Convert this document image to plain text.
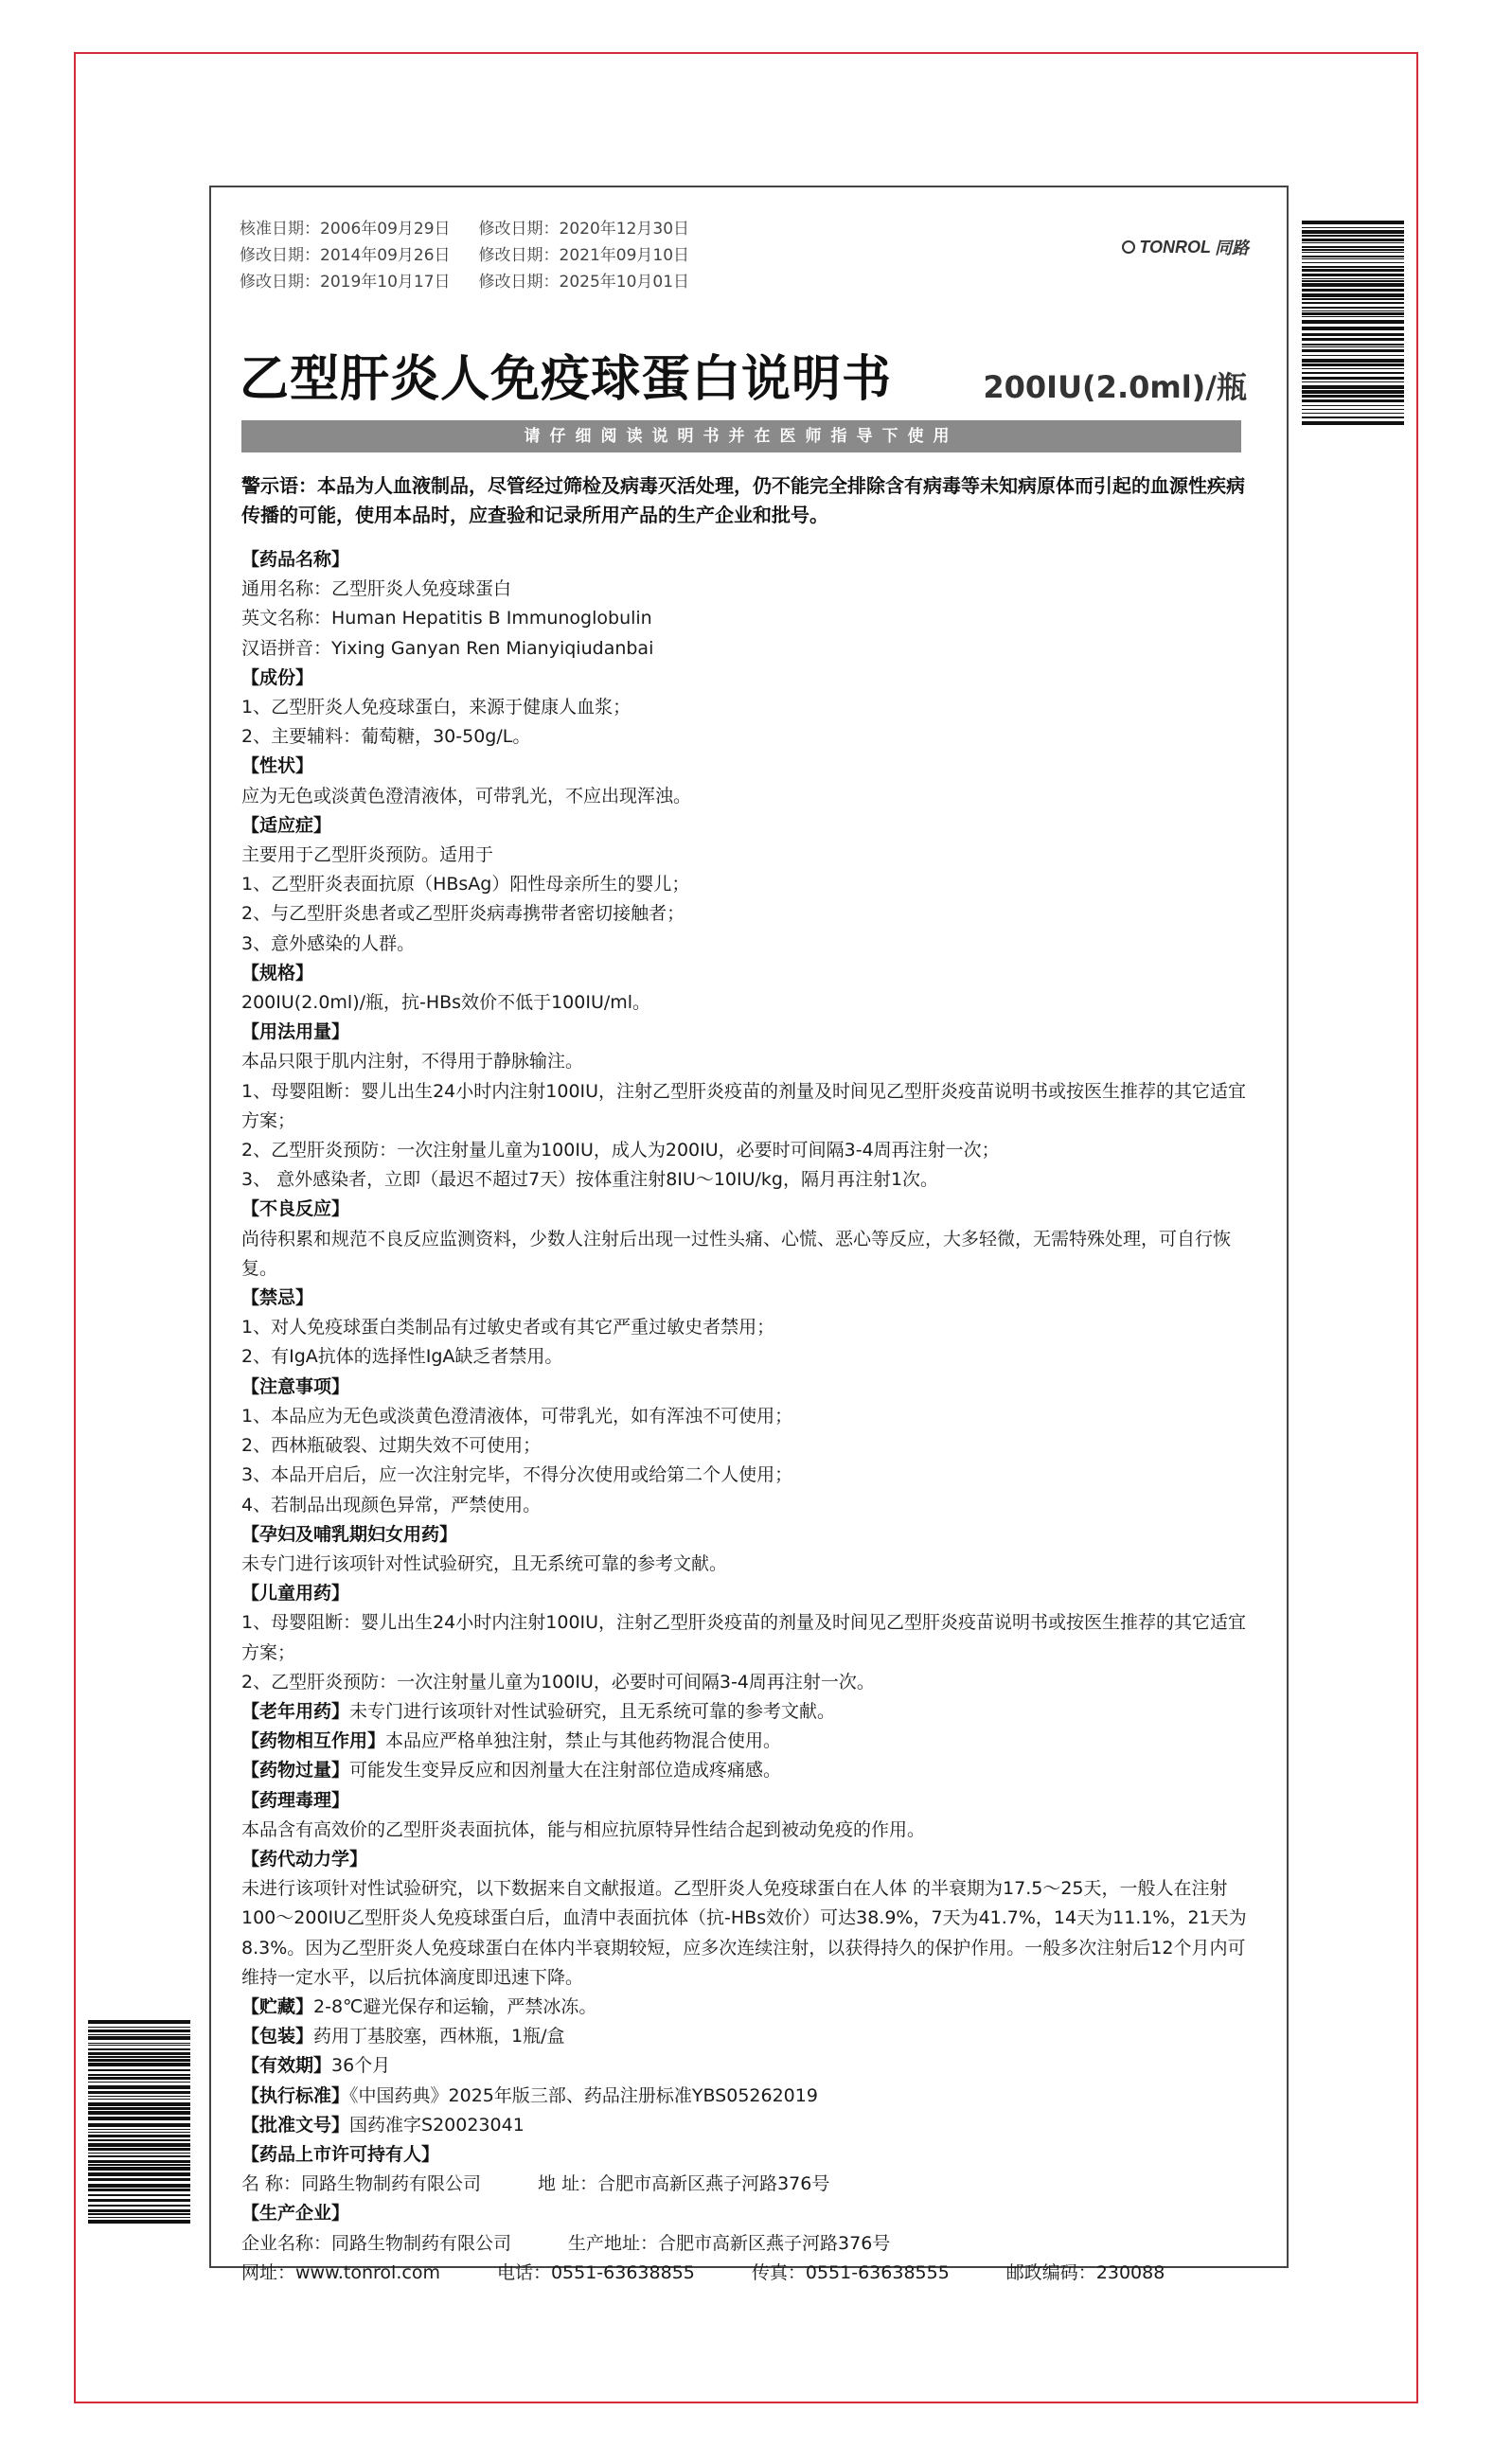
核准日期：2006年09月29日 修改日期：2020年12月30日
修改日期：2014年09月26日 修改日期：2021年09月10日
修改日期：2019年10月17日 修改日期：2025年10月01日
TONROL 同路
乙型肝炎人免疫球蛋白说明书	200IU(2.0ml)/瓶
请仔细阅读说明书并在医师指导下使用
警示语：本品为人血液制品，尽管经过筛检及病毒灭活处理，仍不能完全排除含有病毒等未知病原体而引起的血源性疾病传播的可能，使用本品时，应查验和记录所用产品的生产企业和批号。

【药品名称】

通用名称：乙型肝炎人免疫球蛋白

英文名称：Human Hepatitis B Immunoglobulin

汉语拼音：Yixing Ganyan Ren Mianyiqiudanbai

【成份】

1、乙型肝炎人免疫球蛋白，来源于健康人血浆；

2、主要辅料：葡萄糖，30-50g/L。

【性状】

应为无色或淡黄色澄清液体，可带乳光，不应出现浑浊。

【适应症】

主要用于乙型肝炎预防。适用于

1、乙型肝炎表面抗原（HBsAg）阳性母亲所生的婴儿；

2、与乙型肝炎患者或乙型肝炎病毒携带者密切接触者；

3、意外感染的人群。

【规格】

200IU(2.0ml)/瓶，抗-HBs效价不低于100IU/ml。

【用法用量】

本品只限于肌内注射，不得用于静脉输注。

1、母婴阻断：婴儿出生24小时内注射100IU，注射乙型肝炎疫苗的剂量及时间见乙型肝炎疫苗说明书或按医生推荐的其它适宜方案；

2、乙型肝炎预防：一次注射量儿童为100IU，成人为200IU，必要时可间隔3-4周再注射一次；

3、 意外感染者，立即（最迟不超过7天）按体重注射8IU～10IU/kg，隔月再注射1次。

【不良反应】

尚待积累和规范不良反应监测资料，少数人注射后出现一过性头痛、心慌、恶心等反应，大多轻微，无需特殊处理，可自行恢复。

【禁忌】

1、对人免疫球蛋白类制品有过敏史者或有其它严重过敏史者禁用；

2、有IgA抗体的选择性IgA缺乏者禁用。

【注意事项】

1、本品应为无色或淡黄色澄清液体，可带乳光，如有浑浊不可使用；

2、西林瓶破裂、过期失效不可使用；

3、本品开启后，应一次注射完毕，不得分次使用或给第二个人使用；

4、若制品出现颜色异常，严禁使用。

【孕妇及哺乳期妇女用药】

未专门进行该项针对性试验研究，且无系统可靠的参考文献。

【儿童用药】

1、母婴阻断：婴儿出生24小时内注射100IU，注射乙型肝炎疫苗的剂量及时间见乙型肝炎疫苗说明书或按医生推荐的其它适宜方案；

2、乙型肝炎预防：一次注射量儿童为100IU，必要时可间隔3-4周再注射一次。

【老年用药】未专门进行该项针对性试验研究，且无系统可靠的参考文献。

【药物相互作用】本品应严格单独注射，禁止与其他药物混合使用。

【药物过量】可能发生变异反应和因剂量大在注射部位造成疼痛感。

【药理毒理】

本品含有高效价的乙型肝炎表面抗体，能与相应抗原特异性结合起到被动免疫的作用。

【药代动力学】

未进行该项针对性试验研究，以下数据来自文献报道。乙型肝炎人免疫球蛋白在人体 的半衰期为17.5～25天，一般人在注射100～200IU乙型肝炎人免疫球蛋白后，血清中表面抗体（抗-HBs效价）可达38.9%，7天为41.7%，14天为11.1%，21天为8.3%。因为乙型肝炎人免疫球蛋白在体内半衰期较短，应多次连续注射，以获得持久的保护作用。一般多次注射后12个月内可维持一定水平，以后抗体滴度即迅速下降。

【贮藏】2-8℃避光保存和运输，严禁冰冻。

【包装】药用丁基胶塞，西林瓶，1瓶/盒

【有效期】36个月

【执行标准】《中国药典》2025年版三部、药品注册标准YBS05262019

【批准文号】国药准字S20023041

【药品上市许可持有人】

名 称：同路生物制药有限公司	地 址：合肥市高新区燕子河路376号

【生产企业】

企业名称：同路生物制药有限公司	生产地址：合肥市高新区燕子河路376号

网址：www.tonrol.com	电话：0551-63638855	传真：0551-63638555	邮政编码：230088
